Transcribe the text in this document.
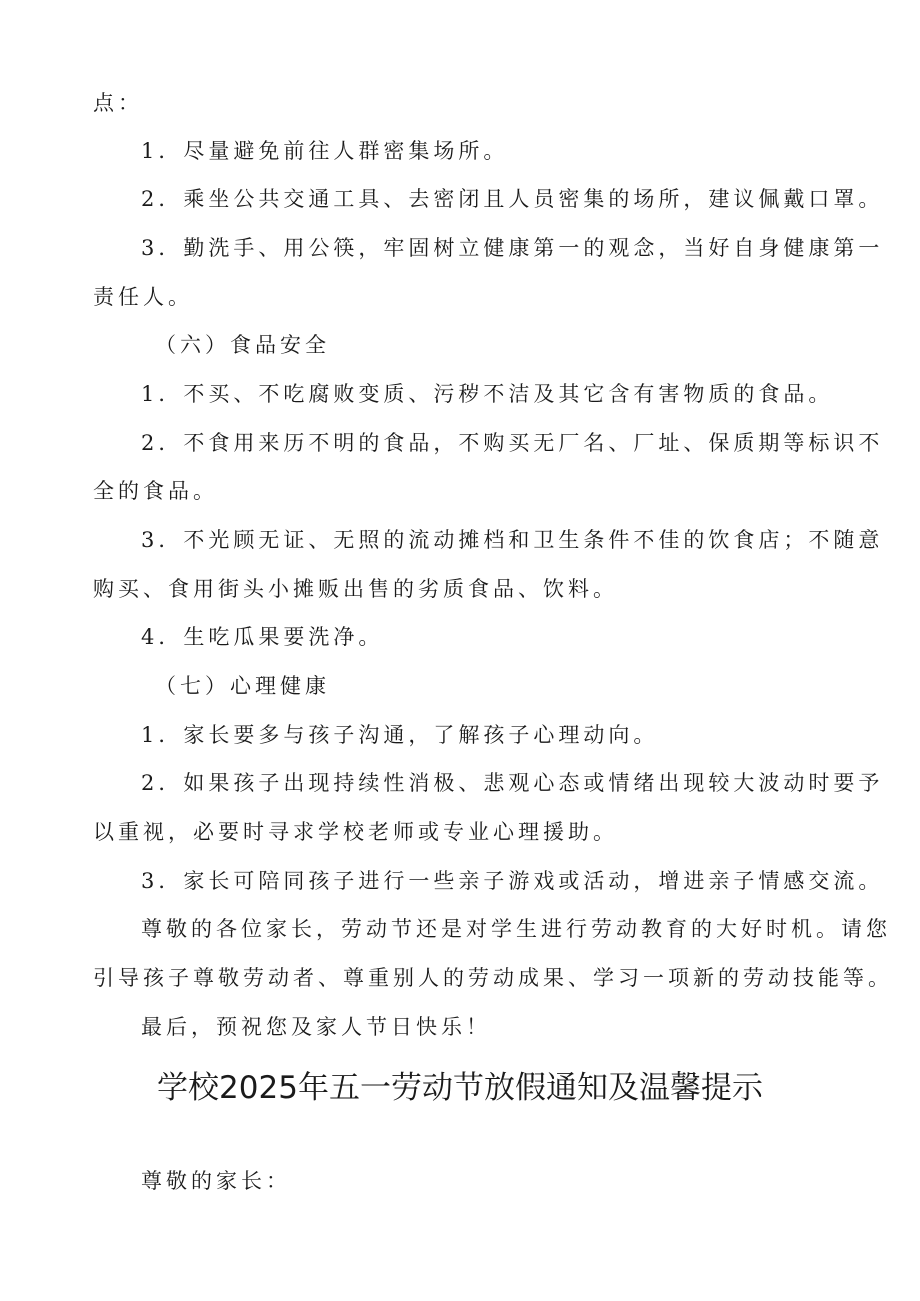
点：
1．尽量避免前往人群密集场所。
2．乘坐公共交通工具、去密闭且人员密集的场所，建议佩戴口罩。
3．勤洗手、用公筷，牢固树立健康第一的观念，当好自身健康第一
责任人。
（六）食品安全
1．不买、不吃腐败变质、污秽不洁及其它含有害物质的食品。
2．不食用来历不明的食品，不购买无厂名、厂址、保质期等标识不
全的食品。
3．不光顾无证、无照的流动摊档和卫生条件不佳的饮食店；不随意
购买、食用街头小摊贩出售的劣质食品、饮料。
4．生吃瓜果要洗净。
（七）心理健康
1．家长要多与孩子沟通，了解孩子心理动向。
2．如果孩子出现持续性消极、悲观心态或情绪出现较大波动时要予
以重视，必要时寻求学校老师或专业心理援助。
3．家长可陪同孩子进行一些亲子游戏或活动，增进亲子情感交流。
尊敬的各位家长，劳动节还是对学生进行劳动教育的大好时机。请您
引导孩子尊敬劳动者、尊重别人的劳动成果、学习一项新的劳动技能等。
最后，预祝您及家人节日快乐！
学校2025年五一劳动节放假通知及温馨提示
尊敬的家长：
